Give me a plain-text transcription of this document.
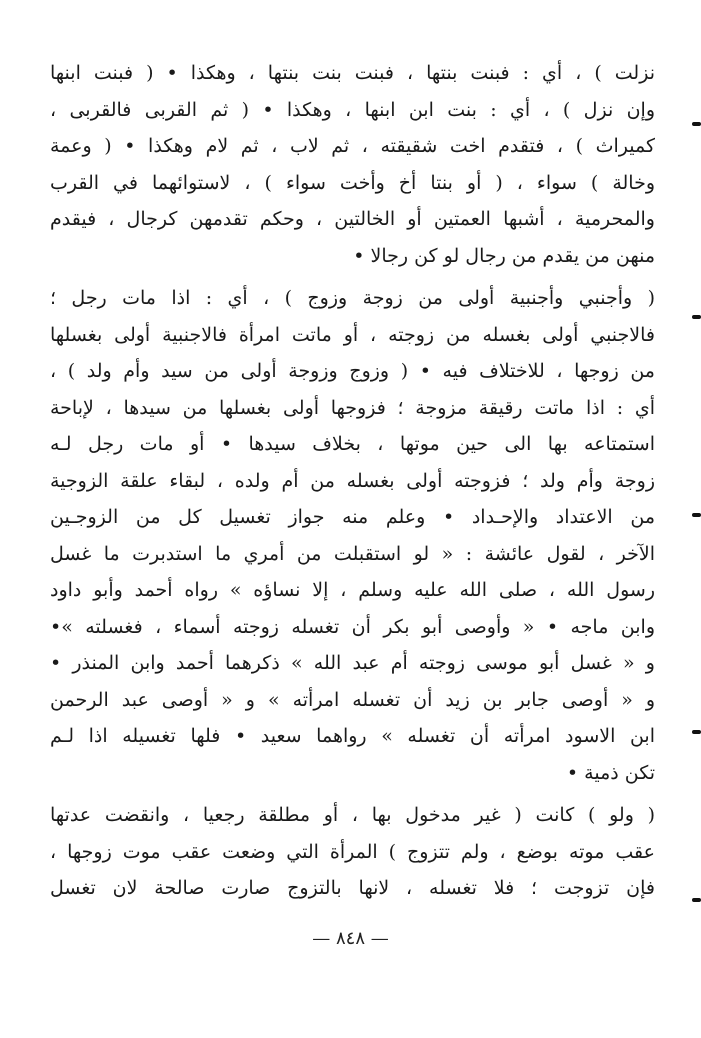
نزلت ) ، أي : فبنت بنتها ، فبنت بنت بنتها ، وهكذا • ( فبنت ابنها
وإن نزل ) ، أي : بنت ابن ابنها ، وهكذا • ( ثم القربى فالقربى ،
كميراث ) ، فتقدم اخت شقيقته ، ثم لاب ، ثم لام وهكذا • ( وعمة
وخالة ) سواء ، ( أو بنتا أخ وأخت سواء ) ، لاستوائهما في القرب
والمحرمية ، أشبها العمتين أو الخالتين ، وحكم تقدمهن كرجال ، فيقدم
منهن من يقدم من رجال لو كن رجالا •
( وأجنبي وأجنبية أولى من زوجة وزوج ) ، أي : اذا مات رجل ؛
فالاجنبي أولى بغسله من زوجته ، أو ماتت امرأة فالاجنبية أولى بغسلها
من زوجها ، للاختلاف فيه • ( وزوج وزوجة أولى من سيد وأم ولد ) ،
أي : اذا ماتت رقيقة مزوجة ؛ فزوجها أولى بغسلها من سيدها ، لإباحة
استمتاعه بها الى حين موتها ، بخلاف سيدها • أو مات رجل لـه
زوجة وأم ولد ؛ فزوجته أولى بغسله من أم ولده ، لبقاء علقة الزوجية
من الاعتداد والإحـداد • وعلم منه جواز تغسيل كل من الزوجـين
الآخر ، لقول عائشة : « لو استقبلت من أمري ما استدبرت ما غسل
رسول الله ، صلى الله عليه وسلم ، إلا نساؤه » رواه أحمد وأبو داود
وابن ماجه • « وأوصى أبو بكر أن تغسله زوجته أسماء ، فغسلته »•
و « غسل أبو موسى زوجته أم عبد الله » ذكرهما أحمد وابن المنذر •
و « أوصى جابر بن زيد أن تغسله امرأته » و « أوصى عبد الرحمن
ابن الاسود امرأته أن تغسله » رواهما سعيد • فلها تغسيله اذا لـم
تكن ذمية •
( ولو ) كانت ( غير مدخول بها ، أو مطلقة رجعيا ، وانقضت عدتها
عقب موته بوضع ، ولم تتزوج ) المرأة التي وضعت عقب موت زوجها ،
فإن تزوجت ؛ فلا تغسله ، لانها بالتزوج صارت صالحة لان تغسل
— ٨٤٨ —
